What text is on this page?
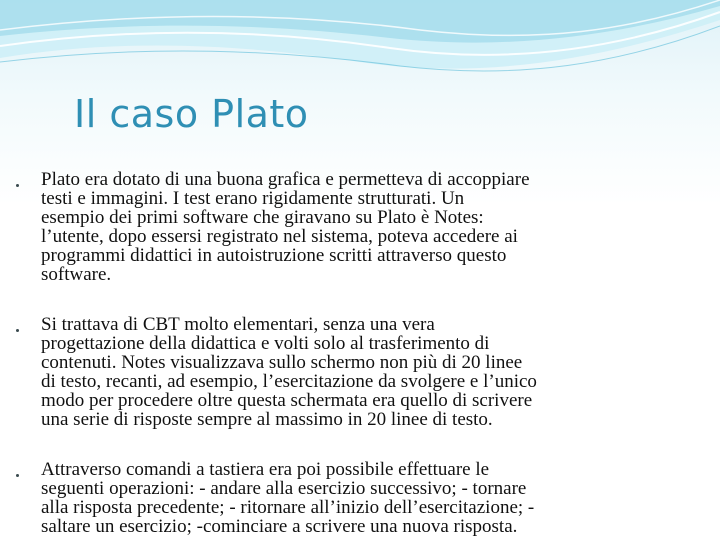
Il caso Plato
Plato era dotato di una buona grafica e permetteva di accoppiare
testi e immagini. I test erano rigidamente strutturati. Un
esempio dei primi software che giravano su Plato è Notes:
l’utente, dopo essersi registrato nel sistema, poteva accedere ai
programmi didattici in autoistruzione scritti attraverso questo
software.
Si trattava di CBT molto elementari, senza una vera
progettazione della didattica e volti solo al trasferimento di
contenuti. Notes visualizzava sullo schermo non più di 20 linee
di testo, recanti, ad esempio, l’esercitazione da svolgere e l’unico
modo per procedere oltre questa schermata era quello di scrivere
una serie di risposte sempre al massimo in 20 linee di testo.
Attraverso comandi a tastiera era poi possibile effettuare le
seguenti operazioni: - andare alla esercizio successivo; - tornare
alla risposta precedente; - ritornare all’inizio dell’esercitazione; -
saltare un esercizio; -cominciare a scrivere una nuova risposta.
